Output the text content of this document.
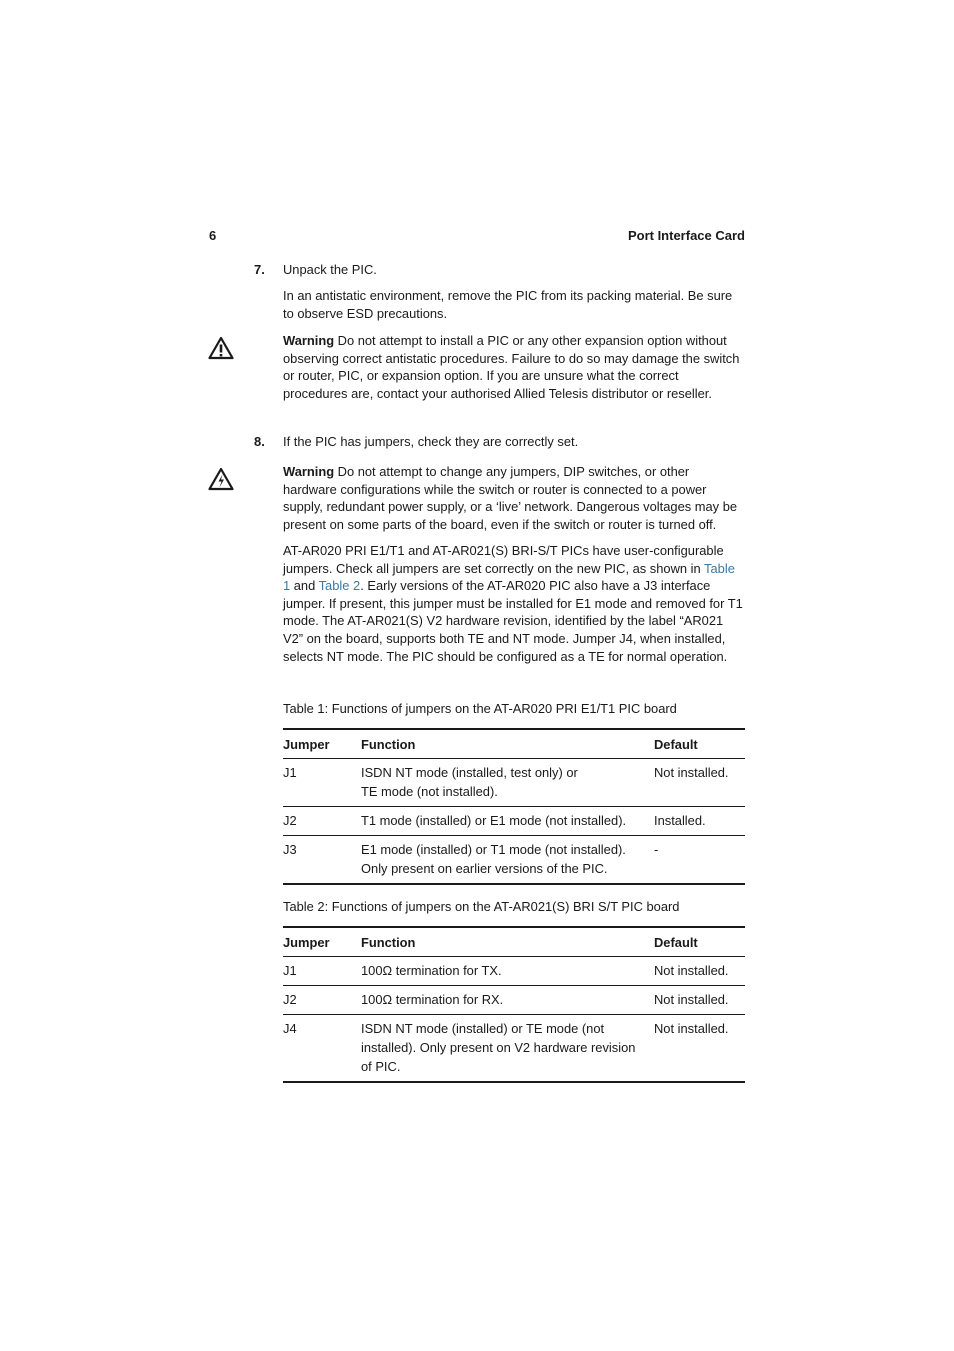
6	Port Interface Card
7. Unpack the PIC.
In an antistatic environment, remove the PIC from its packing material. Be sure to observe ESD precautions.
Warning Do not attempt to install a PIC or any other expansion option without observing correct antistatic procedures. Failure to do so may damage the switch or router, PIC, or expansion option. If you are unsure what the correct procedures are, contact your authorised Allied Telesis distributor or reseller.
8. If the PIC has jumpers, check they are correctly set.
Warning Do not attempt to change any jumpers, DIP switches, or other hardware configurations while the switch or router is connected to a power supply, redundant power supply, or a ‘live’ network. Dangerous voltages may be present on some parts of the board, even if the switch or router is turned off.
AT-AR020 PRI E1/T1 and AT-AR021(S) BRI-S/T PICs have user-configurable jumpers. Check all jumpers are set correctly on the new PIC, as shown in Table 1 and Table 2. Early versions of the AT-AR020 PIC also have a J3 interface jumper. If present, this jumper must be installed for E1 mode and removed for T1 mode. The AT-AR021(S) V2 hardware revision, identified by the label “AR021 V2” on the board, supports both TE and NT mode. Jumper J4, when installed, selects NT mode. The PIC should be configured as a TE for normal operation.
Table 1: Functions of jumpers on the AT-AR020 PRI E1/T1 PIC board
Jumper	Function	Default
J1	ISDN NT mode (installed, test only) or
TE mode (not installed).	Not installed.
J2	T1 mode (installed) or E1 mode (not installed).	Installed.
J3	E1 mode (installed) or T1 mode (not installed).
Only present on earlier versions of the PIC.	-
Table 2: Functions of jumpers on the AT-AR021(S) BRI S/T PIC board
Jumper	Function	Default
J1	100Ω termination for TX.	Not installed.
J2	100Ω termination for RX.	Not installed.
J4	ISDN NT mode (installed) or TE mode (not installed). Only present on V2 hardware revision of PIC.	Not installed.
